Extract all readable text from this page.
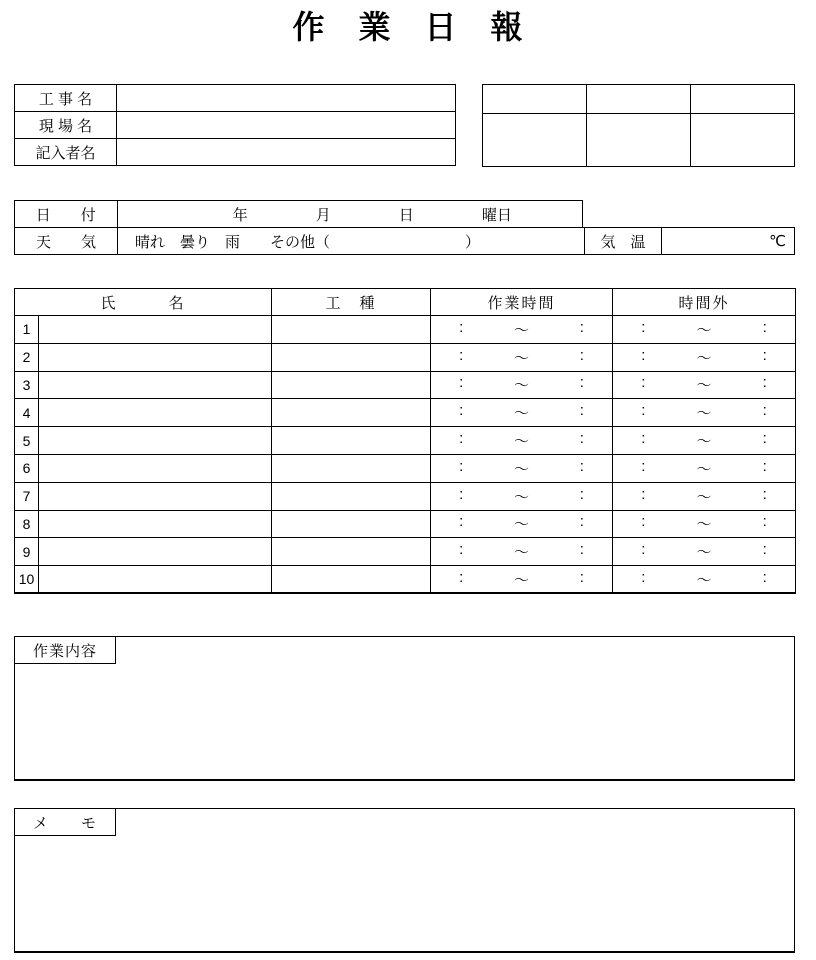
作　業　日　報
工 事 名	
現 場 名	
記入者名	

日　　付	年	月	日	曜日
天　　気	晴れ　曇り　雨　　その他（　　　　　　　　　）	気　温	℃
氏　　　名		工　種	作業時間	時間外
1			: ～ :	: ～ :

2			: ～ :	: ～ :

3			: ～ :	: ～ :

4			: ～ :	: ～ :

5			: ～ :	: ～ :

6			: ～ :	: ～ :

7			: ～ :	: ～ :

8			: ～ :	: ～ :

9			: ～ :	: ～ :

10			: ～ :	: ～ :
作業内容
メ　　モ
